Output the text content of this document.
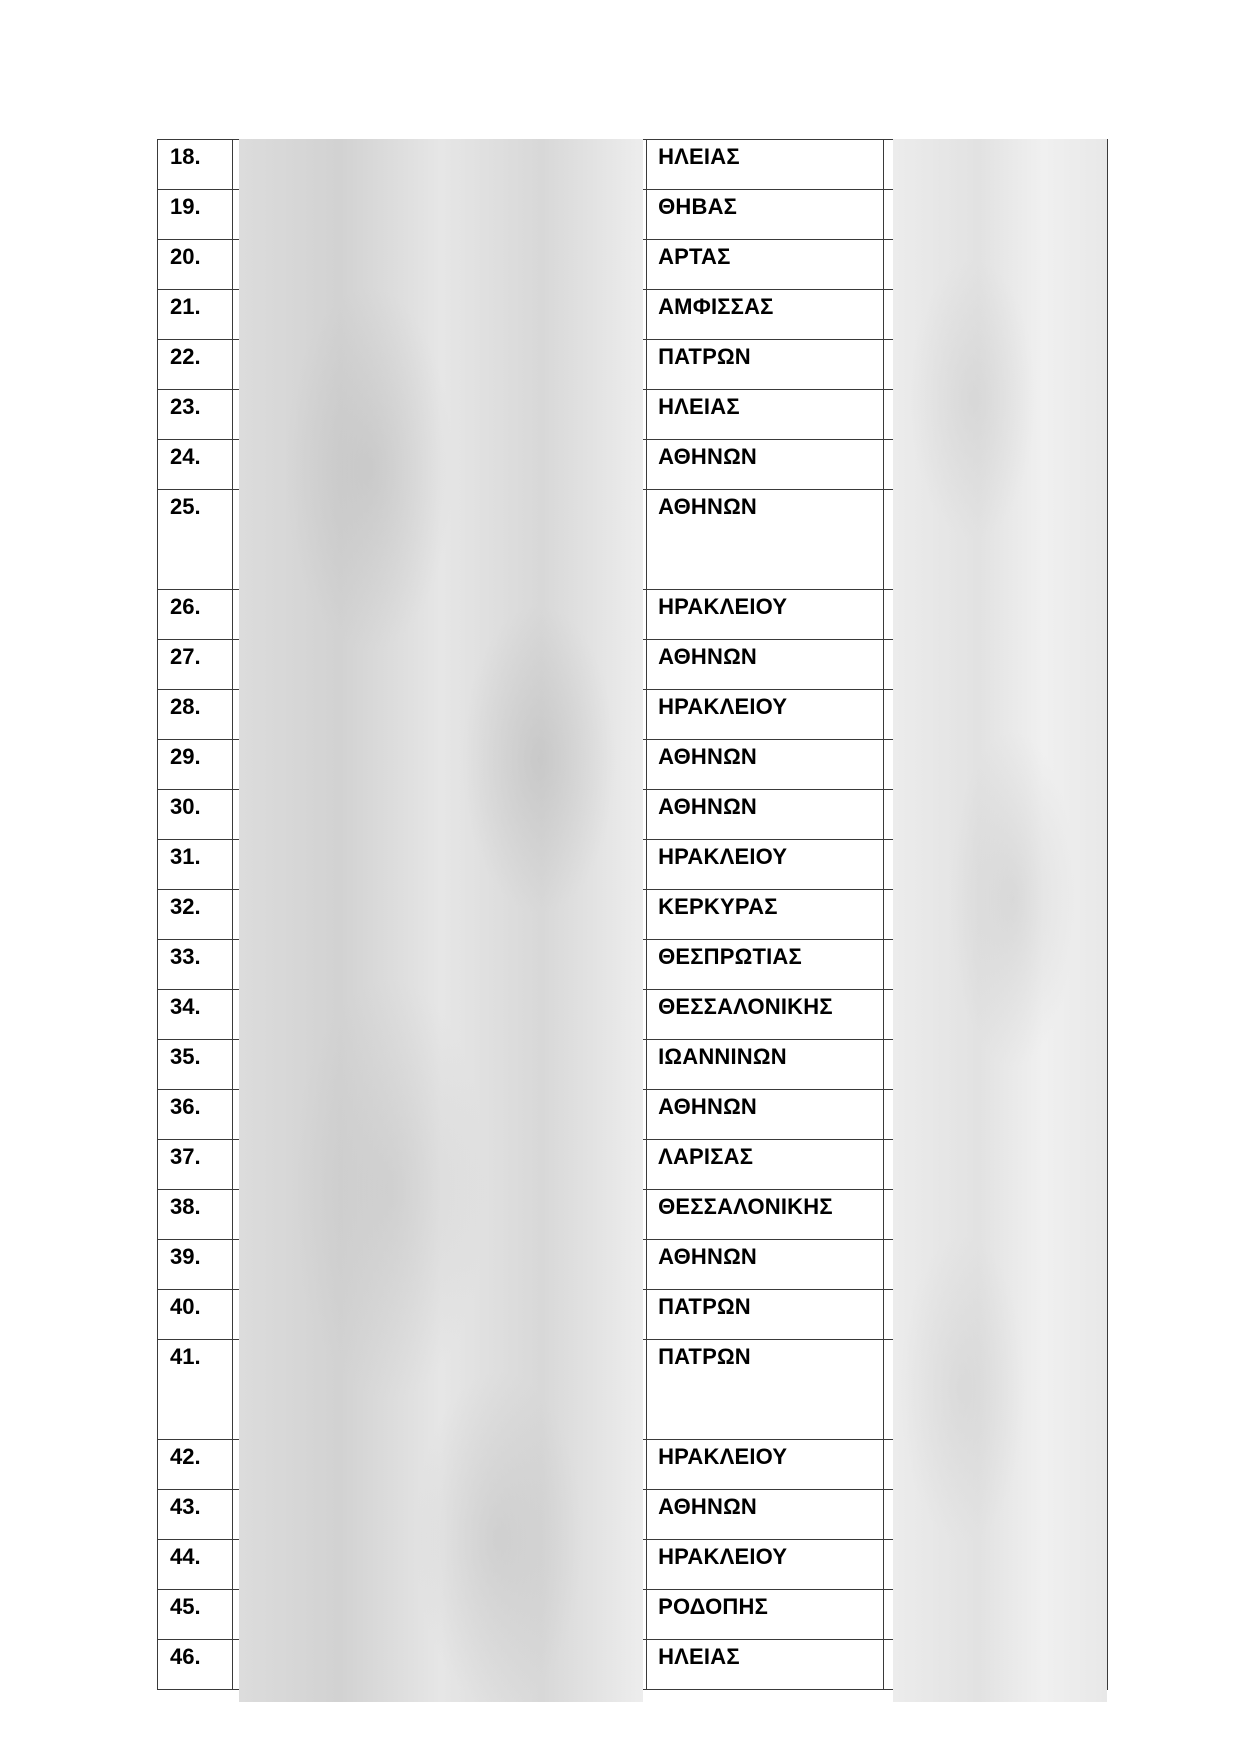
18.		ΗΛΕΙΑΣ	

19.		ΘΗΒΑΣ	

20.		ΑΡΤΑΣ	

21.		ΑΜΦΙΣΣΑΣ	

22.		ΠΑΤΡΩΝ	

23.		ΗΛΕΙΑΣ	

24.		ΑΘΗΝΩΝ	

25.		ΑΘΗΝΩΝ	

26.		ΗΡΑΚΛΕΙΟΥ	

27.		ΑΘΗΝΩΝ	

28.		ΗΡΑΚΛΕΙΟΥ	

29.		ΑΘΗΝΩΝ	

30.		ΑΘΗΝΩΝ	

31.		ΗΡΑΚΛΕΙΟΥ	

32.		ΚΕΡΚΥΡΑΣ	

33.		ΘΕΣΠΡΩΤΙΑΣ	

34.		ΘΕΣΣΑΛΟΝΙΚΗΣ	

35.		ΙΩΑΝΝΙΝΩΝ	

36.		ΑΘΗΝΩΝ	

37.		ΛΑΡΙΣΑΣ	

38.		ΘΕΣΣΑΛΟΝΙΚΗΣ	

39.		ΑΘΗΝΩΝ	

40.		ΠΑΤΡΩΝ	

41.		ΠΑΤΡΩΝ	

42.		ΗΡΑΚΛΕΙΟΥ	

43.		ΑΘΗΝΩΝ	

44.		ΗΡΑΚΛΕΙΟΥ	

45.		ΡΟΔΟΠΗΣ	

46.		ΗΛΕΙΑΣ	
